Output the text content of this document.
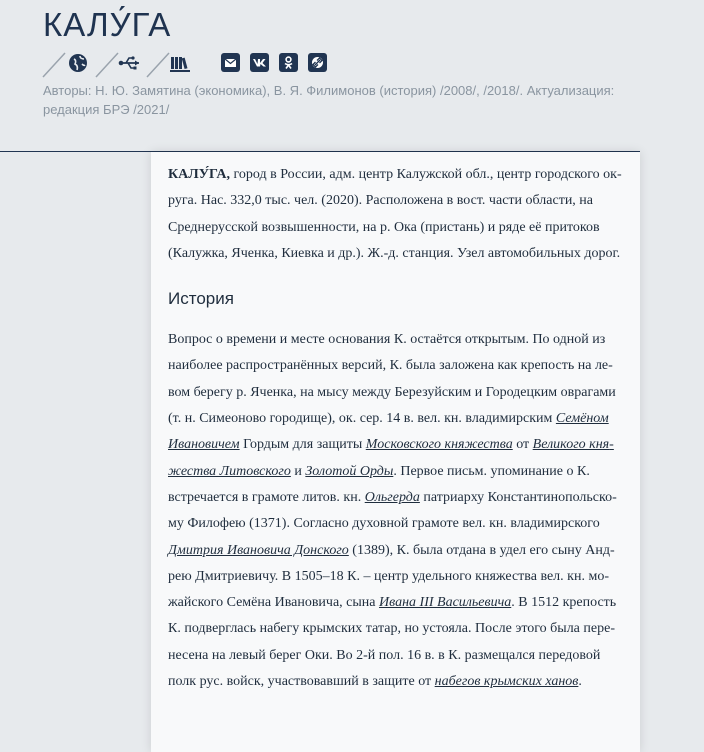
КАЛУ́ГА
Авторы: Н. Ю. Замятина (экономика), В. Я. Филимонов (история) /2008/, /2018/. Актуализация: редакция БРЭ /2021/

КАЛУ́ГА, город в России, адм. центр Калужской обл., центр городского округа. Нас. 332,0 тыс. чел. (2020). Расположена в вост. части области, на Среднерусской возвышенности, на р. Ока (пристань) и ряде её притоков (Калужка, Яченка, Киевка и др.). Ж.-д. станция. Узел автомобильных дорог.

История

Вопрос о времени и месте основания К. остаётся открытым. По одной из наиболее распространённых версий, К. была заложена как крепость на левом берегу р. Яченка, на мысу между Березуйским и Городецким оврагами (т. н. Симеоново городище), ок. сер. 14 в. вел. кн. владимирским Семёном Ивановичем Гордым для защиты Московского княжества от Великого княжества Литовского и Золотой Орды. Первое письм. упоминание о К. встречается в грамоте литов. кн. Ольгерда патриарху Константинопольскому Филофею (1371). Согласно духовной грамоте вел. кн. владимирского Дмитрия Ивановича Донского (1389), К. была отдана в удел его сыну Андрею Дмитриевичу. В 1505–18 К. – центр удельного княжества вел. кн. можайского Семёна Ивановича, сына Ивана III Васильевича. В 1512 крепость К. подверглась набегу крымских татар, но устояла. После этого была перенесена на левый берег Оки. Во 2-й пол. 16 в. в К. размещался передовой полк рус. войск, участвовавший в защите от набегов крымских ханов.
